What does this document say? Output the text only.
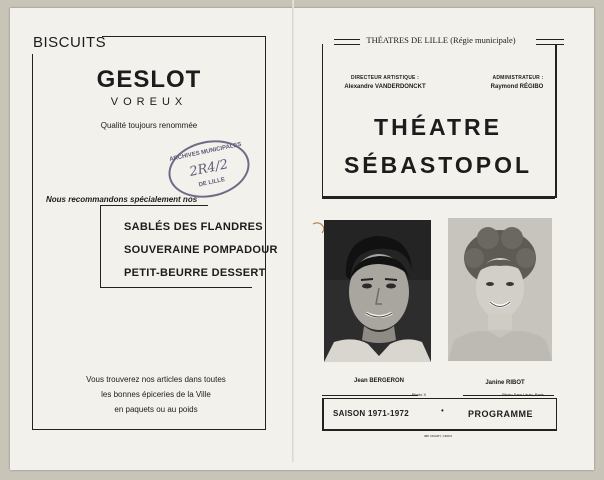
BISCUITS
GESLOT
VOREUX
Qualité toujours renommée
ARCHIVES MUNICIPALES
2R4/2
DE LILLE
Nous recommandons spécialement nos
SABLÉS DES FLANDRES
SOUVERAINE POMPADOUR
PETIT-BEURRE DESSERT
Vous trouverez nos articles dans toutes
les bonnes épiceries de la Ville
en paquets ou au poids
THÉATRES DE LILLE (Régie municipale)
DIRECTEUR ARTISTIQUE :
Alexandre VANDERDONCKT
ADMINISTRATEUR :
Raymond RÉGIBO
THÉATRE
SÉBASTOPOL
Jean BERGERON
Photo X
Janine RIBOT
Photo Sam Lévin, Paris
SAISON 1971-1972	•	PROGRAMME
IMP. MAURY, CROIX
